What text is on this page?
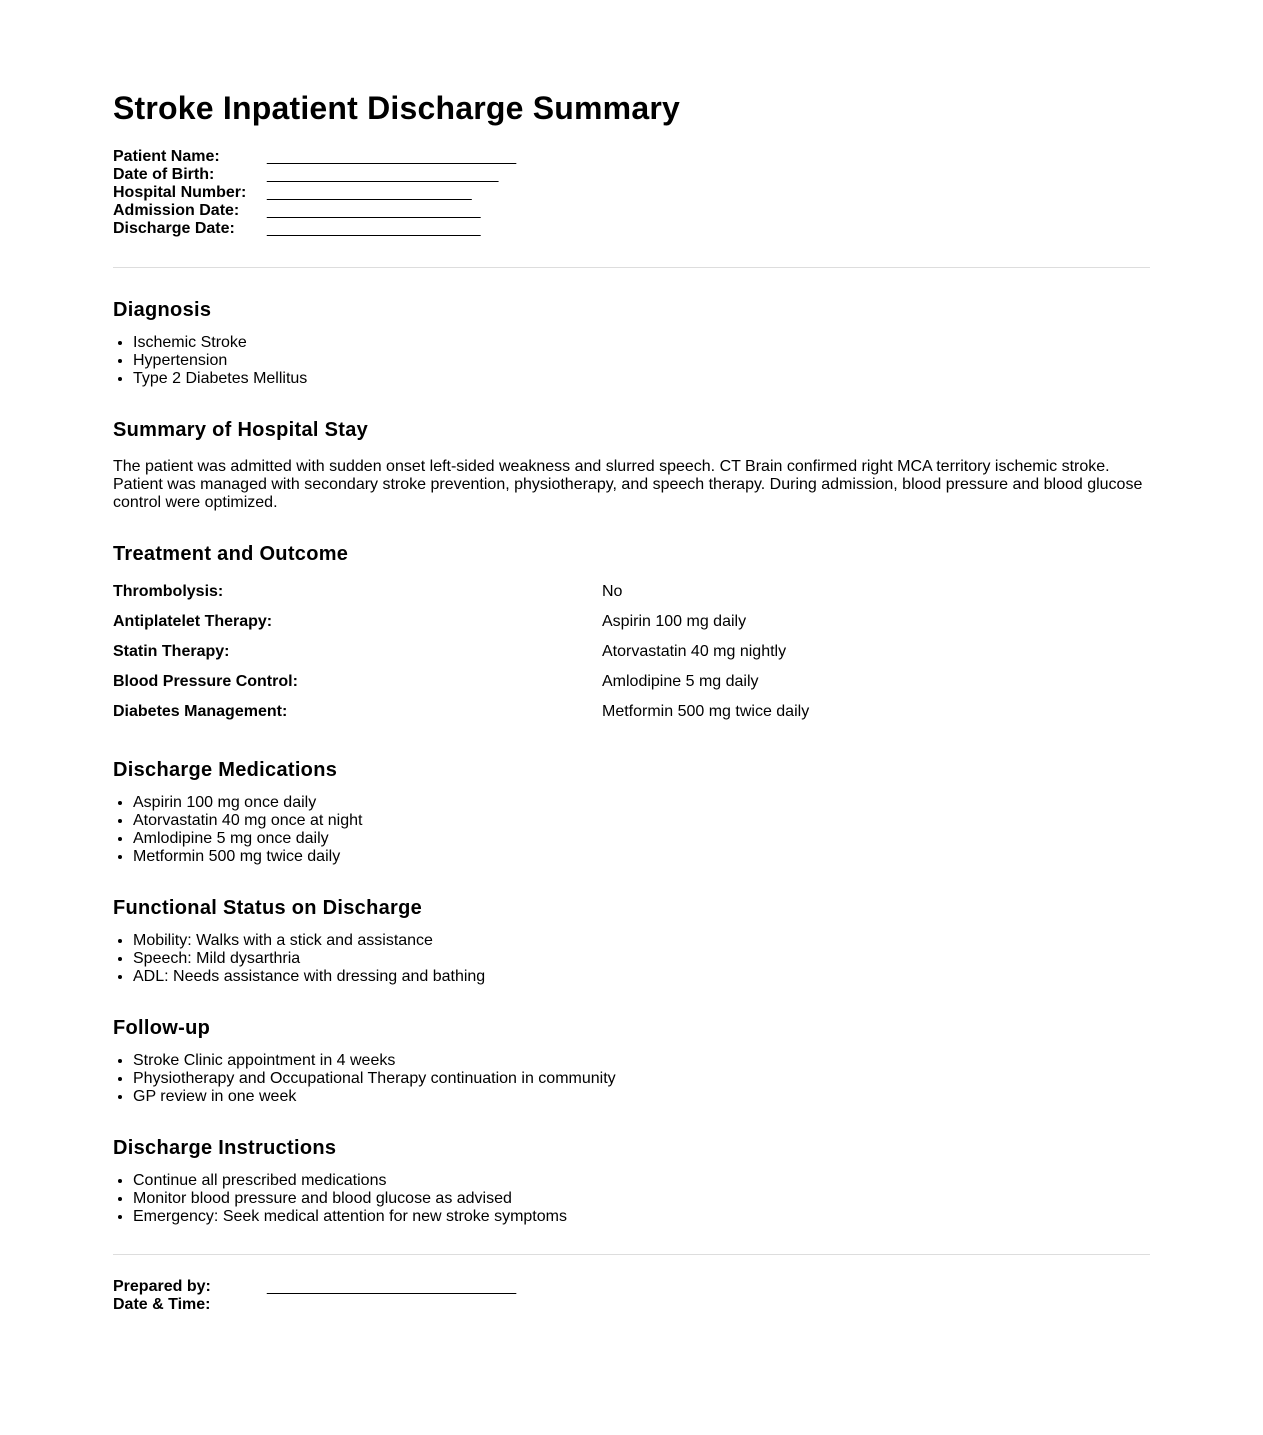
Stroke Inpatient Discharge Summary
Patient Name:	____________________________
Date of Birth:	__________________________
Hospital Number:	_______________________
Admission Date:	________________________
Discharge Date:	________________________
Diagnosis
• Ischemic Stroke
• Hypertension
• Type 2 Diabetes Mellitus
Summary of Hospital Stay

The patient was admitted with sudden onset left-sided weakness and slurred speech. CT Brain confirmed right MCA territory ischemic stroke. Patient was managed with secondary stroke prevention, physiotherapy, and speech therapy. During admission, blood pressure and blood glucose control were optimized.

Treatment and Outcome
Thrombolysis:	No
Antiplatelet Therapy:	Aspirin 100 mg daily
Statin Therapy:	Atorvastatin 40 mg nightly
Blood Pressure Control:	Amlodipine 5 mg daily
Diabetes Management:	Metformin 500 mg twice daily
Discharge Medications
• Aspirin 100 mg once daily
• Atorvastatin 40 mg once at night
• Amlodipine 5 mg once daily
• Metformin 500 mg twice daily
Functional Status on Discharge
• Mobility: Walks with a stick and assistance
• Speech: Mild dysarthria
• ADL: Needs assistance with dressing and bathing
Follow-up
• Stroke Clinic appointment in 4 weeks
• Physiotherapy and Occupational Therapy continuation in community
• GP review in one week
Discharge Instructions
• Continue all prescribed medications
• Monitor blood pressure and blood glucose as advised
• Emergency: Seek medical attention for new stroke symptoms
Prepared by:	____________________________
Date & Time:
